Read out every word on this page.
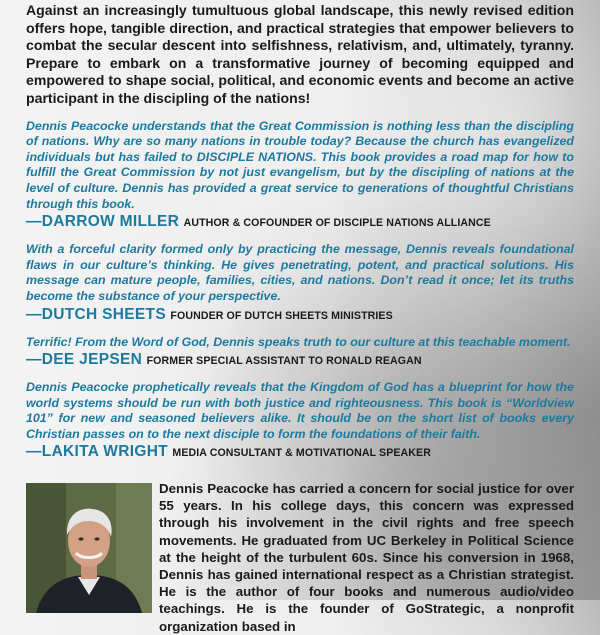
Against an increasingly tumultuous global landscape, this newly revised edition offers hope, tangible direction, and practical strategies that empower believers to combat the secular descent into selfishness, relativism, and, ultimately, tyranny. Prepare to embark on a transformative journey of becoming equipped and empowered to shape social, political, and economic events and become an active participant in the discipling of the nations!

Dennis Peacocke understands that the Great Commission is nothing less than the discipling of nations. Why are so many nations in trouble today? Because the church has evangelized individuals but has failed to DISCIPLE NATIONS. This book provides a road map for how to fulfill the Great Commission by not just evangelism, but by the discipling of nations at the level of culture. Dennis has provided a great service to generations of thoughtful Christians through this book.

—DARROW MILLER AUTHOR & COFOUNDER OF DISCIPLE NATIONS ALLIANCE

With a forceful clarity formed only by practicing the message, Dennis reveals foundational flaws in our culture’s thinking. He gives penetrating, potent, and practical solutions. His message can mature people, families, cities, and nations. Don’t read it once; let its truths become the substance of your perspective.

—DUTCH SHEETS FOUNDER OF DUTCH SHEETS MINISTRIES

Terrific! From the Word of God, Dennis speaks truth to our culture at this teachable moment.

—DEE JEPSEN FORMER SPECIAL ASSISTANT TO RONALD REAGAN

Dennis Peacocke prophetically reveals that the Kingdom of God has a blueprint for how the world systems should be run with both justice and righteousness. This book is “Worldview 101” for new and seasoned believers alike. It should be on the short list of books every Christian passes on to the next disciple to form the foundations of their faith.

—LAKITA WRIGHT MEDIA CONSULTANT & MOTIVATIONAL SPEAKER

Dennis Peacocke has carried a concern for social justice for over 55 years. In his college days, this concern was expressed through his involvement in the civil rights and free speech movements. He graduated from UC Berkeley in Political Science at the height of the turbulent 60s. Since his conversion in 1968, Dennis has gained international respect as a Christian strategist. He is the author of four books and numerous audio/video teachings. He is the founder of GoStrategic, a nonprofit organization based in
